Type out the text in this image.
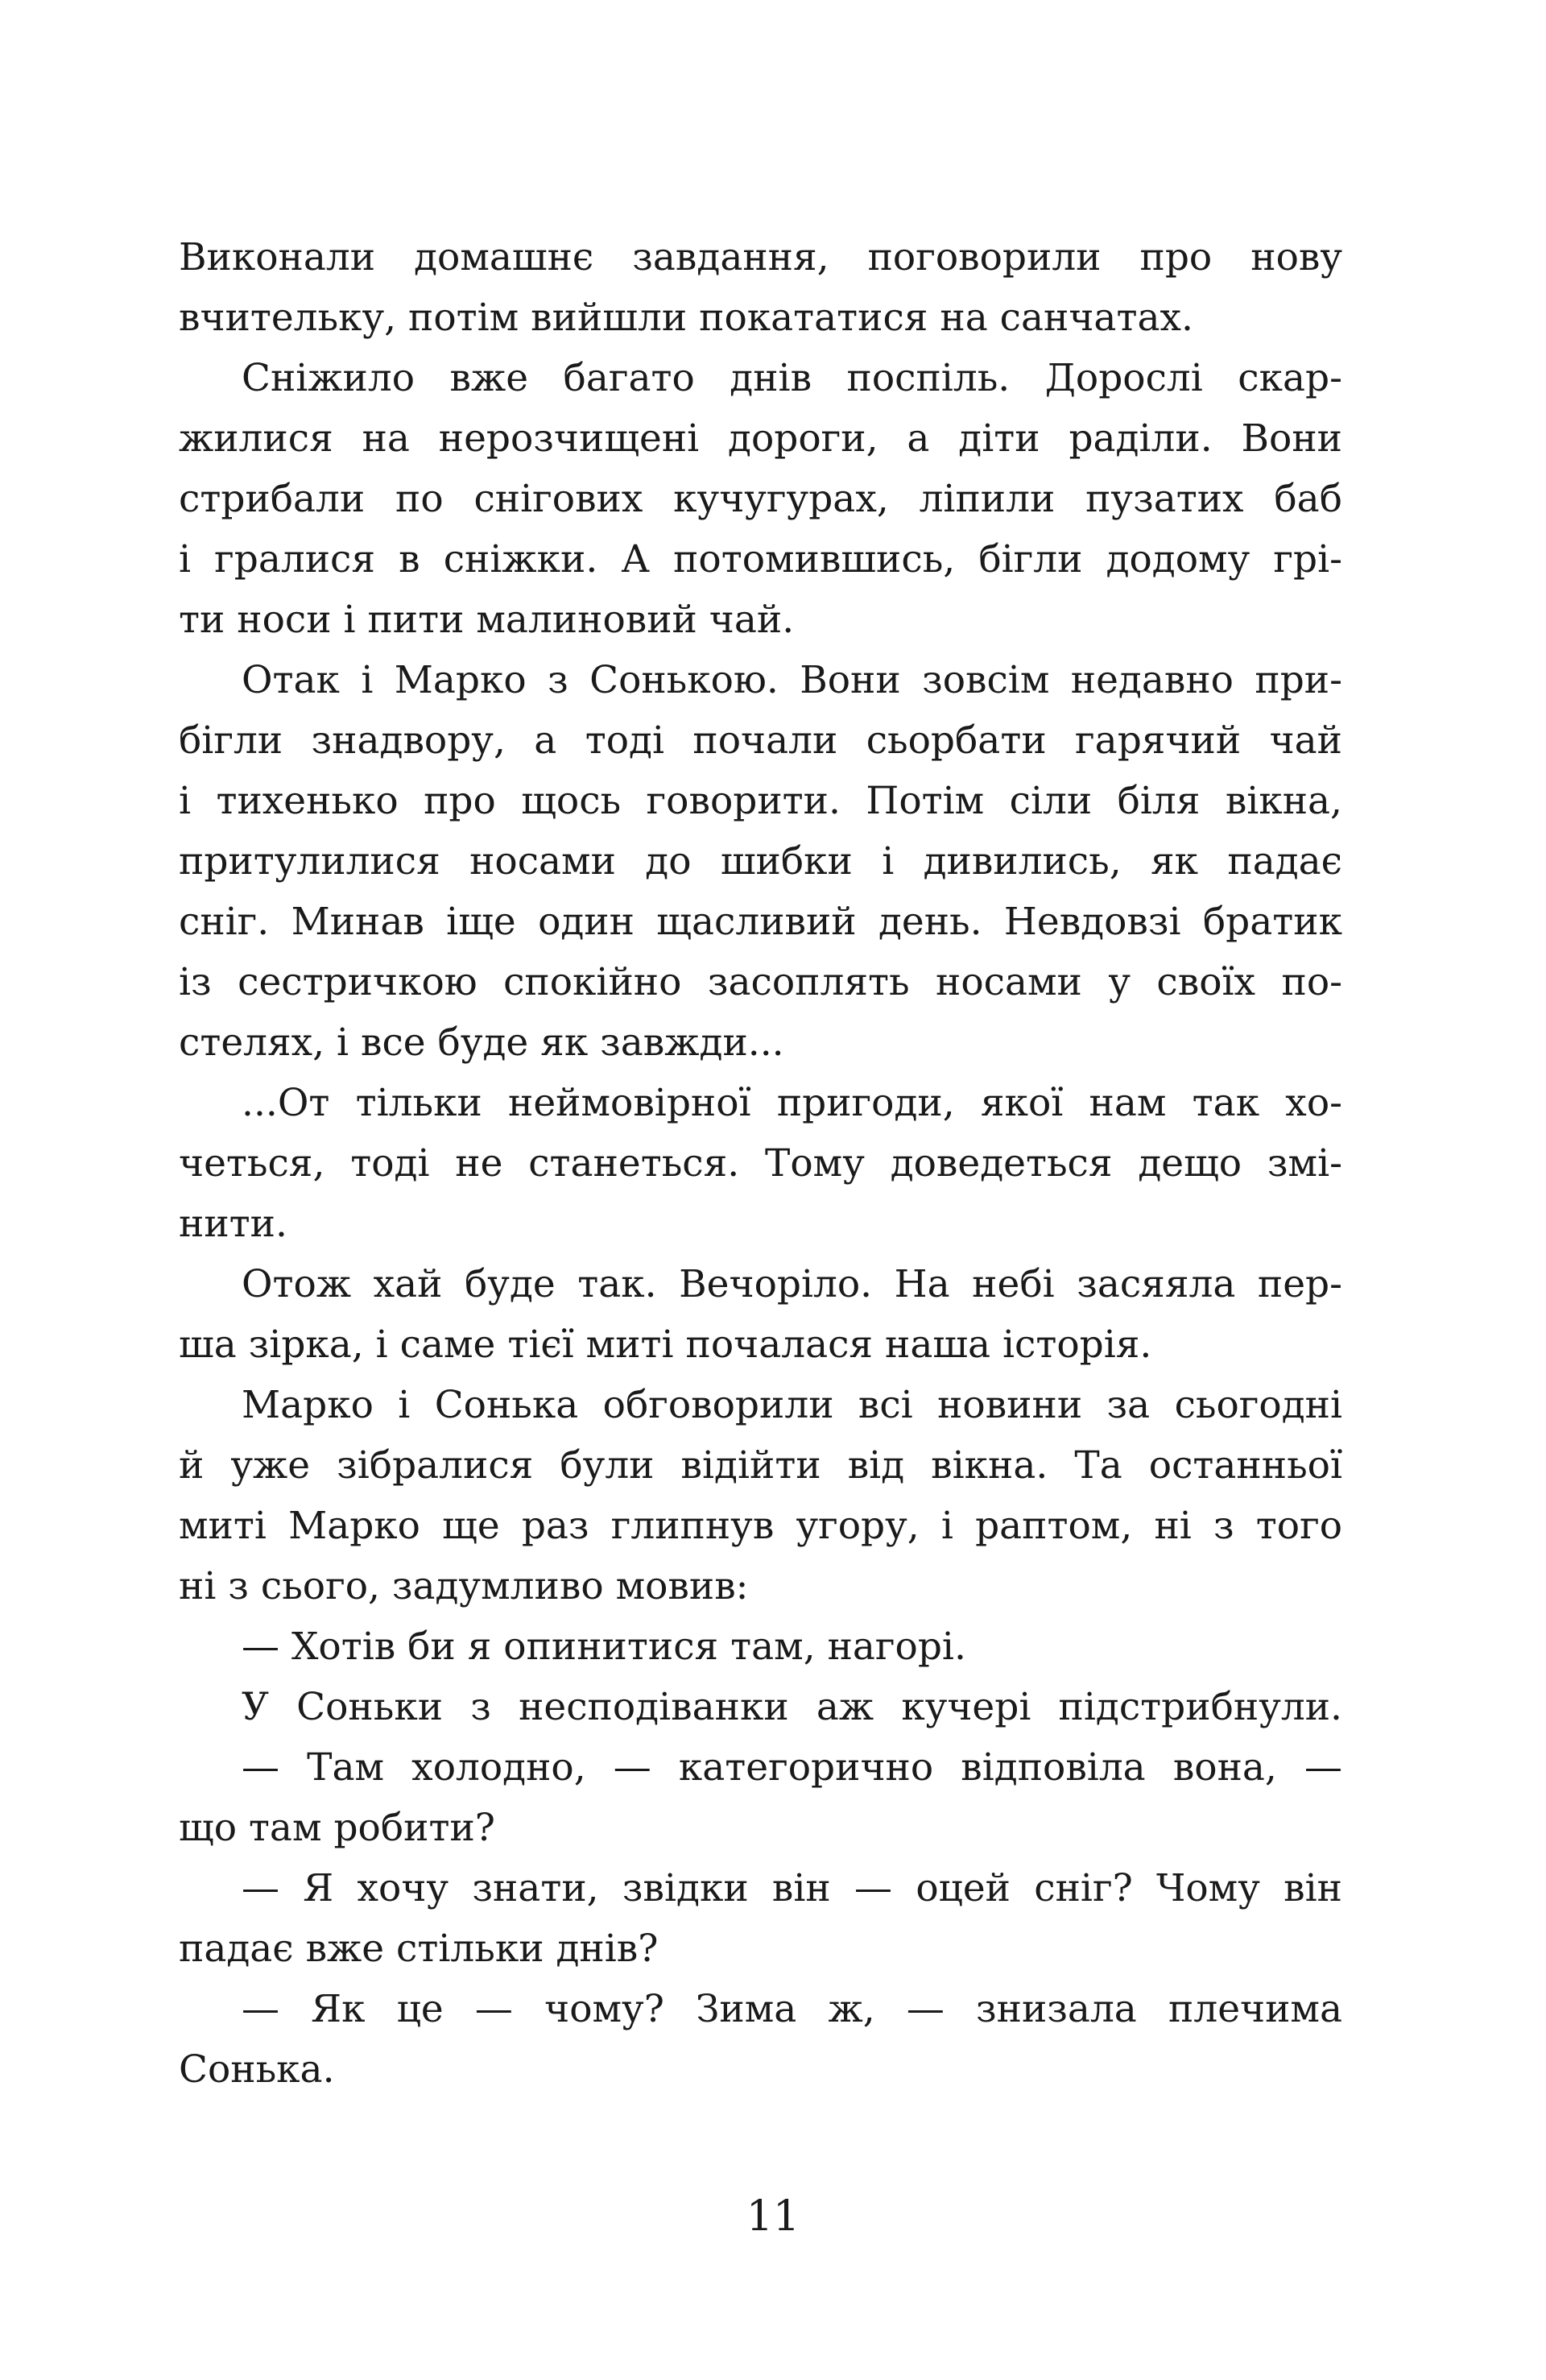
Виконали домашнє завдання, поговорили про нову
вчительку, потім вийшли покататися на санчатах.
Сніжило вже багато днів поспіль. Дорослі скар-
жилися на нерозчищені дороги, а діти раділи. Вони
стрибали по снігових кучугурах, ліпили пузатих баб
і гралися в сніжки. А потомившись, бігли додому грі-
ти носи і пити малиновий чай.
Отак і Марко з Сонькою. Вони зовсім недавно при-
бігли знадвору, а тоді почали сьорбати гарячий чай
і тихенько про щось говорити. Потім сіли біля вікна,
притулилися носами до шибки і дивились, як падає
сніг. Минав іще один щасливий день. Невдовзі братик
із сестричкою спокійно засоплять носами у своїх по-
стелях, і все буде як завжди...
...От тільки неймовірної пригоди, якої нам так хо-
четься, тоді не станеться. Тому доведеться дещо змі-
нити.
Отож хай буде так. Вечоріло. На небі засяяла пер-
ша зірка, і саме тієї миті почалася наша історія.
Марко і Сонька обговорили всі новини за сьогодні
й уже зібралися були відійти від вікна. Та останньої
миті Марко ще раз глипнув угору, і раптом, ні з того
ні з сього, задумливо мовив:
— Хотів би я опинитися там, нагорі.
У Соньки з несподіванки аж кучері підстрибнули.
— Там холодно, — категорично відповіла вона, —
що там робити?
— Я хочу знати, звідки він — оцей сніг? Чому він
падає вже стільки днів?
— Як це — чому? Зима ж, — знизала плечима
Сонька.
11
